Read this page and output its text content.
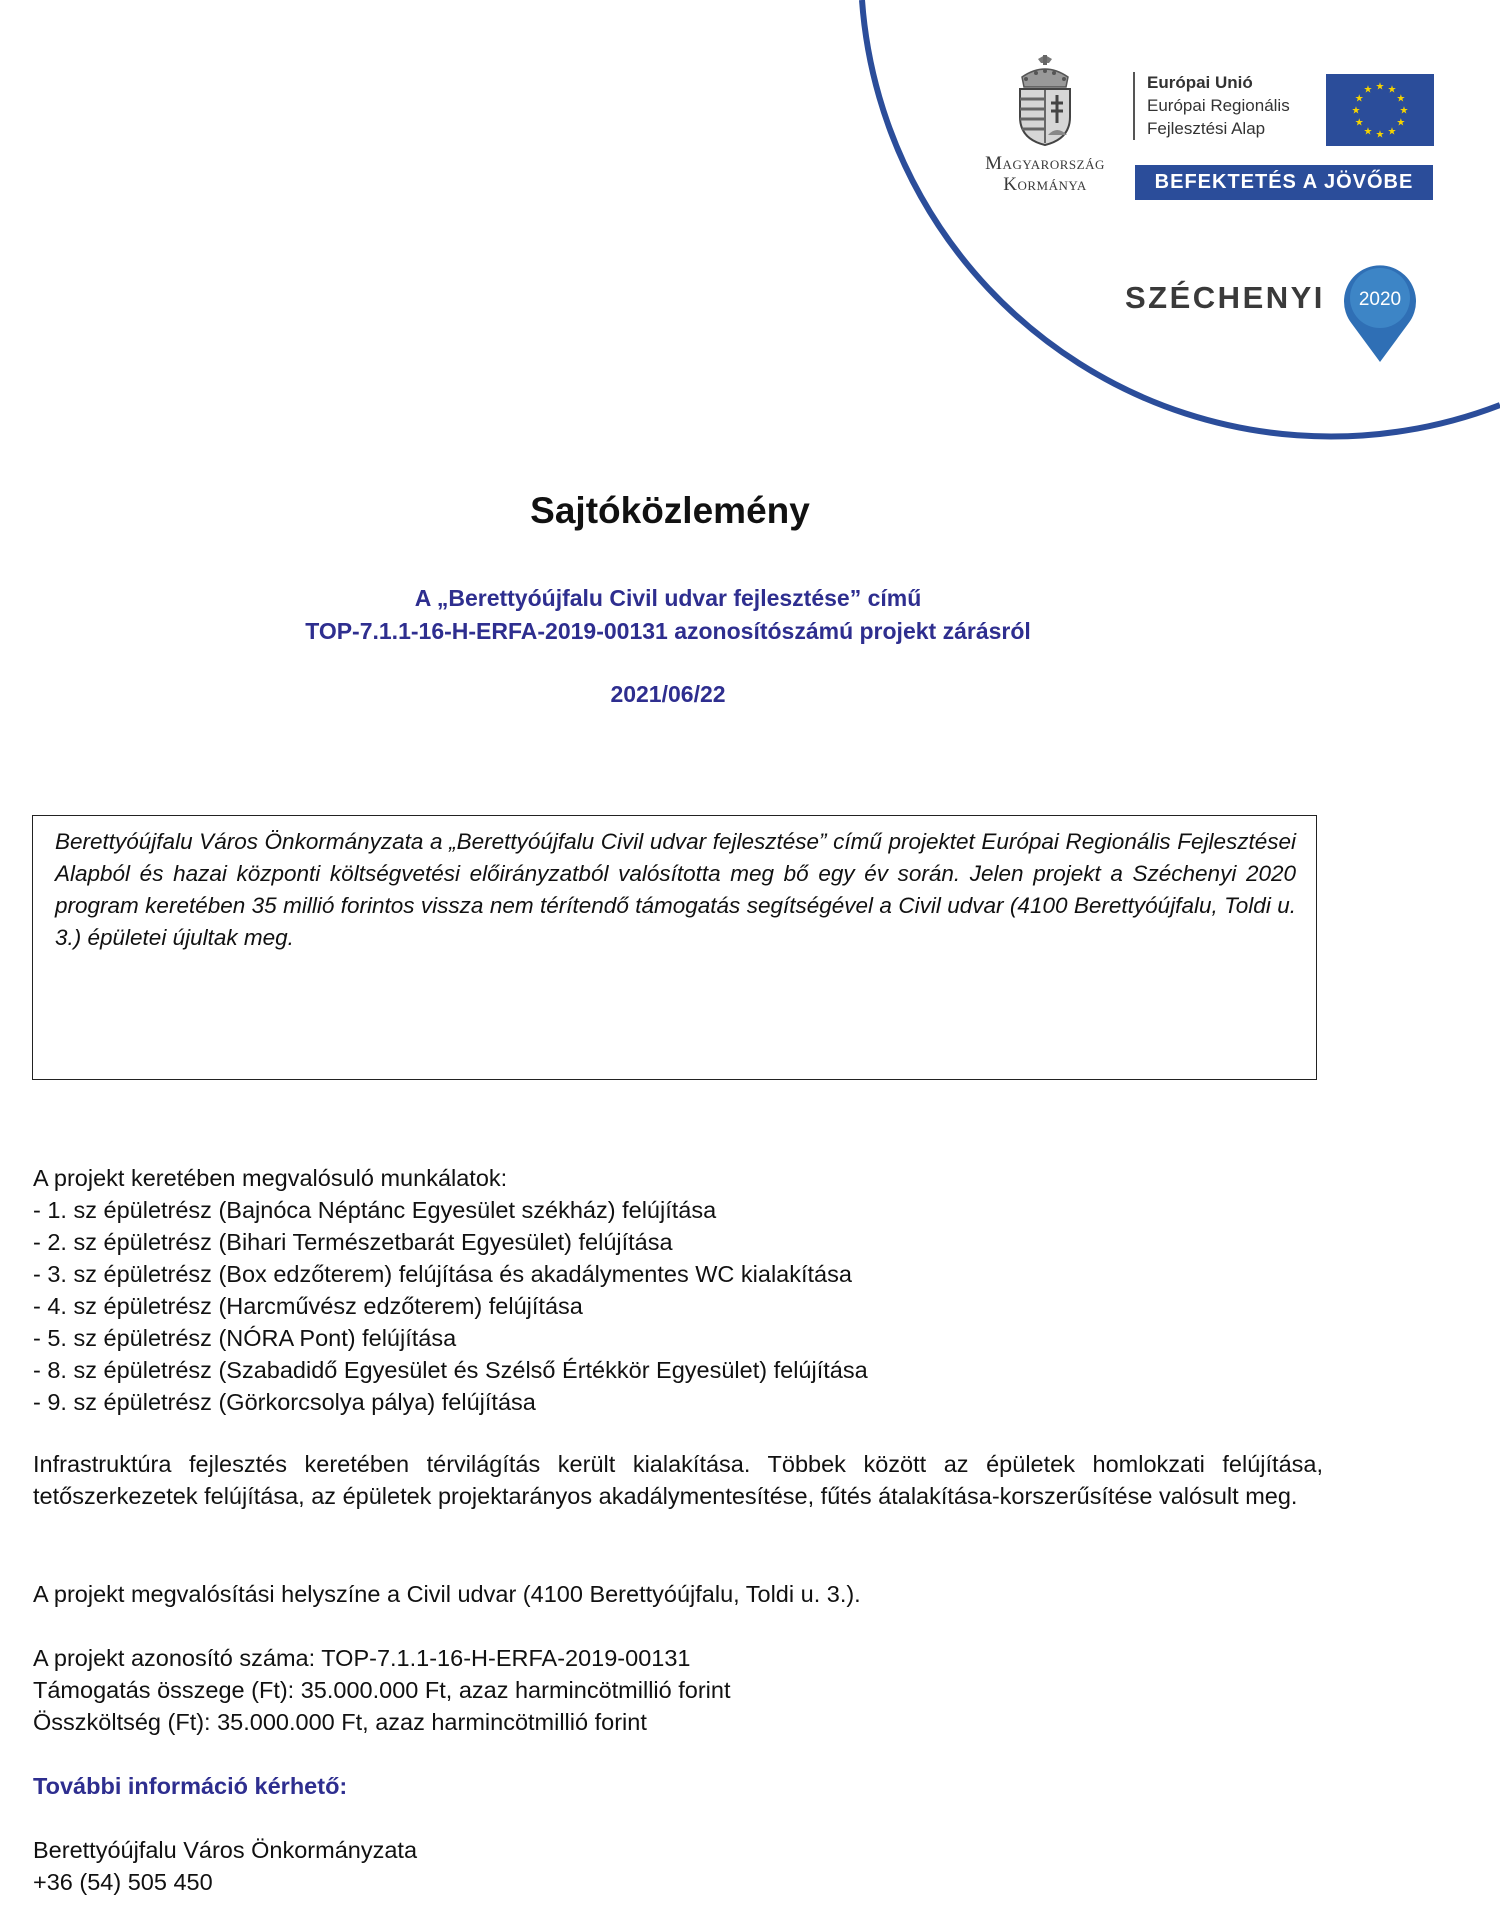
Magyarország
Kormánya
Európai Unió
Európai Regionális
Fejlesztési Alap
★ ★
★
★
★
★
★
★
★
★
★
★
BEFEKTETÉS A JÖVŐBE
SZÉCHENYI 2020
Sajtóközlemény
A „Berettyóújfalu Civil udvar fejlesztése” című
TOP-7.1.1-16-H-ERFA-2019-00131 azonosítószámú projekt zárásról
2021/06/22

Berettyóújfalu Város Önkormányzata a „Berettyóújfalu Civil udvar fejlesztése” című projektet Európai Regionális Fejlesztései Alapból és hazai központi költségvetési előirányzatból valósította meg bő egy év során. Jelen projekt a Széchenyi 2020 program keretében 35 millió forintos vissza nem térítendő támogatás segítségével a Civil udvar (4100 Berettyóújfalu, Toldi u. 3.) épületei újultak meg.

A projekt keretében megvalósuló munkálatok:

- 1. sz épületrész (Bajnóca Néptánc Egyesület székház) felújítása

- 2. sz épületrész (Bihari Természetbarát Egyesület) felújítása

- 3. sz épületrész (Box edzőterem) felújítása és akadálymentes WC kialakítása

- 4. sz épületrész (Harcművész edzőterem) felújítása

- 5. sz épületrész (NÓRA Pont) felújítása

- 8. sz épületrész (Szabadidő Egyesület és Szélső Értékkör Egyesület) felújítása

- 9. sz épületrész (Görkorcsolya pálya) felújítása

Infrastruktúra fejlesztés keretében térvilágítás került kialakítása. Többek között az épületek homlokzati felújítása, tetőszerkezetek felújítása, az épületek projektarányos akadálymentesítése, fűtés átalakítása-korszerűsítése valósult meg.

A projekt megvalósítási helyszíne a Civil udvar (4100 Berettyóújfalu, Toldi u. 3.).

A projekt azonosító száma: TOP-7.1.1-16-H-ERFA-2019-00131

Támogatás összege (Ft): 35.000.000 Ft, azaz harmincötmillió forint

Összköltség (Ft): 35.000.000 Ft, azaz harmincötmillió forint

További információ kérhető:

Berettyóújfalu Város Önkormányzata

+36 (54) 505 450
